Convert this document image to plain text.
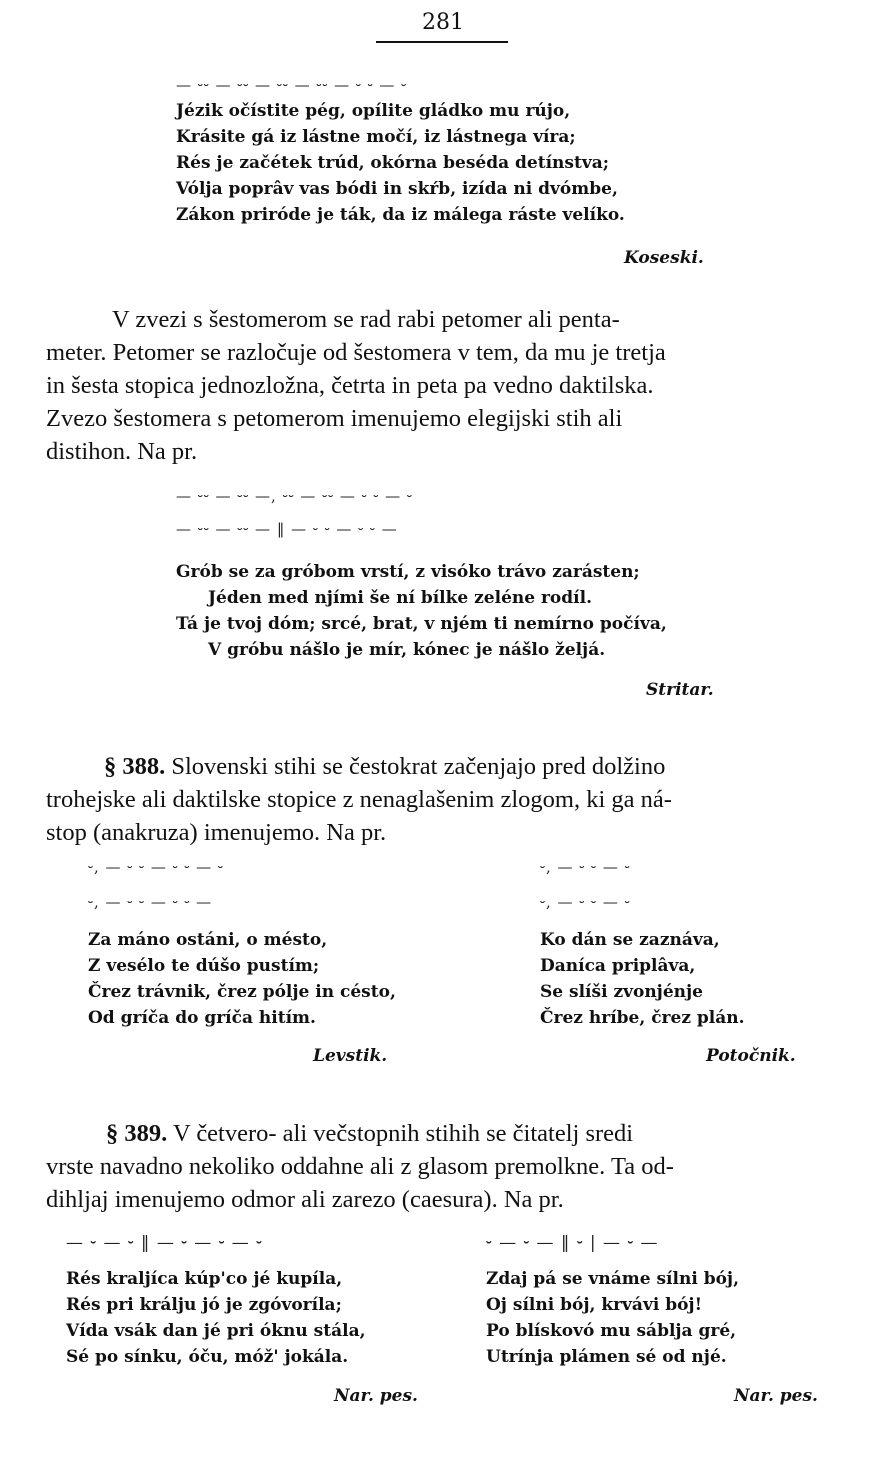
281
— ⏑⏑ — ⏑⏑ — ⏑⏑ — ⏑⏑ — ⏑ ⏑ — ⏑
Jézik očístite pég, opílite gládko mu rújo,
Krásite gá iz lástne močí, iz lástnega víra;
Rés je začétek trúd, okórna beséda detínstva;
Vólja poprâv vas bódi in skŕb, izída ni dvómbe,
Zákon priróde je ták, da iz málega ráste velíko.
Koseski.
V zvezi s šestomerom se rad rabi petomer ali penta-
meter. Petomer se razločuje od šestomera v tem, da mu je tretja
in šesta stopica jednozložna, četrta in peta pa vedno daktilska.
Zvezo šestomera s petomerom imenujemo elegijski stih ali
distihon. Na pr.
— ⏑⏑ — ⏑⏑ —, ⏑⏑ — ⏑⏑ — ⏑ ⏑ — ⏑
— ⏑⏑ — ⏑⏑ — ‖ — ⏑ ⏑ — ⏑ ⏑ —
Grób se za gróbom vrstí, z visóko trávo zarásten;
Jéden med njími še ní bílke zeléne rodíl.
Tá je tvoj dóm; srcé, brat, v njém ti nemírno počíva,
V gróbu nášlo je mír, kónec je nášlo željá.
Stritar.
§ 388. Slovenski stihi se čestokrat začenjajo pred dolžino
trohejske ali daktilske stopice z nenaglašenim zlogom, ki ga ná-
stop (anakruza) imenujemo. Na pr.
⏑, — ⏑ ⏑ — ⏑ ⏑ — ⏑
⏑, — ⏑ ⏑ — ⏑ ⏑ —
Za máno ostáni, o mésto,
Z vesélo te dúšo pustím;
Črez trávnik, črez pólje in césto,
Od gríča do gríča hitím.
Levstik.
⏑, — ⏑ ⏑ — ⏑
⏑, — ⏑ ⏑ — ⏑
Ko dán se zaznáva,
Daníca priplâva,
Se slíši zvonjénje
Črez hríbe, črez plán.
Potočnik.
§ 389. V četvero- ali večstopnih stihih se čitatelj sredi
vrste navadno nekoliko oddahne ali z glasom premolkne. Ta od-
dihljaj imenujemo odmor ali zarezo (caesura). Na pr.
— ⏑ — ⏑ ‖ — ⏑ — ⏑ — ⏑
Rés kraljíca kúp'co jé kupíla,
Rés pri králju jó je zgóvoríla;
Vída vsák dan jé pri óknu stála,
Sé po sínku, óču, móž' jokála.
Nar. pes.
⏑ — ⏑ — ‖ ⏑ | — ⏑ —
Zdaj pá se vnáme sílni bój,
Oj sílni bój, krvávi bój!
Po blískovó mu sáblja gré,
Utrínja plámen sé od njé.
Nar. pes.
